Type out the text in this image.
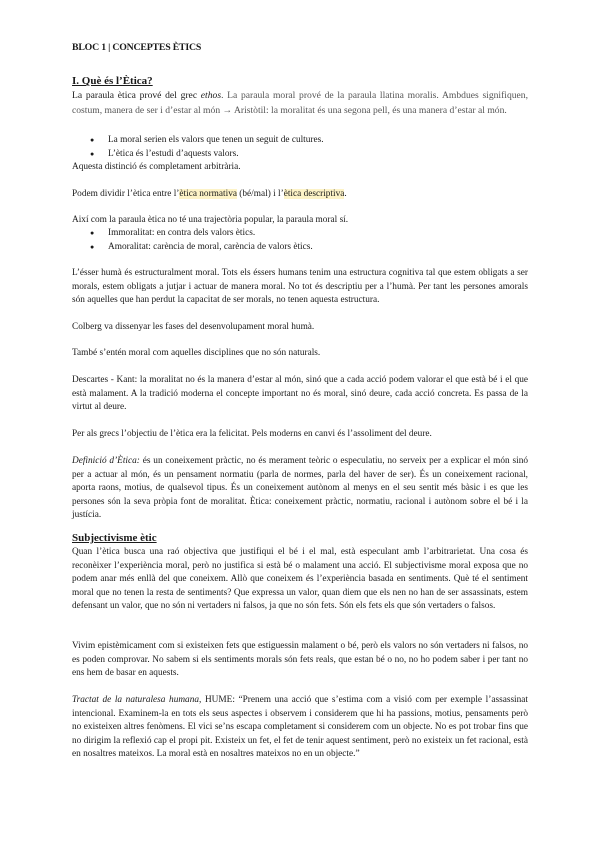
BLOC 1 | CONCEPTES ÈTICS

I. Què és l’Ètica?

La paraula ètica prové del grec ethos. La paraula moral prové de la paraula llatina moralis. Ambdues signifiquen, costum, manera de ser i d’estar al món → Aristòtil: la moralitat és una segona pell, és una manera d’estar al món.

● La moral serien els valors que tenen un seguit de cultures.
● L’ètica és l’estudi d’aquests valors.

Aquesta distinció és completament arbitrària.

Podem dividir l’ètica entre l’ètica normativa (bé/mal) i l’ètica descriptiva.

Així com la paraula ètica no té una trajectòria popular, la paraula moral sí.

● Immoralitat: en contra dels valors ètics.
● Amoralitat: carència de moral, carència de valors ètics.

L’ésser humà és estructuralment moral. Tots els éssers humans tenim una estructura cognitiva tal que estem obligats a ser morals, estem obligats a jutjar i actuar de manera moral. No tot és descriptiu per a l’humà. Per tant les persones amorals són aquelles que han perdut la capacitat de ser morals, no tenen aquesta estructura.

Colberg va dissenyar les fases del desenvolupament moral humà.

També s’entén moral com aquelles disciplines que no són naturals.

Descartes - Kant: la moralitat no és la manera d’estar al món, sinó que a cada acció podem valorar el que està bé i el que està malament. A la tradició moderna el concepte important no és moral, sinó deure, cada acció concreta. Es passa de la virtut al deure.

Per als grecs l’objectiu de l’ètica era la felicitat. Pels moderns en canvi és l’assoliment del deure.

Definició d’Ètica: és un coneixement pràctic, no és merament teòric o especulatiu, no serveix per a explicar el món sinó per a actuar al món, és un pensament normatiu (parla de normes, parla del haver de ser). És un coneixement racional, aporta raons, motius, de qualsevol tipus. És un coneixement autònom al menys en el seu sentit més bàsic i es que les persones són la seva pròpia font de moralitat. Ètica: coneixement pràctic, normatiu, racional i autònom sobre el bé i la justícia.

Subjectivisme ètic

Quan l’ètica busca una raó objectiva que justifiqui el bé i el mal, està especulant amb l’arbitrarietat. Una cosa és reconèixer l’experiència moral, però no justifica si està bé o malament una acció. El subjectivisme moral exposa que no podem anar més enllà del que coneixem. Allò que coneixem és l’experiència basada en sentiments. Què té el sentiment moral que no tenen la resta de sentiments? Que expressa un valor, quan diem que els nen no han de ser assassinats, estem defensant un valor, que no són ni vertaders ni falsos, ja que no són fets. Són els fets els que són vertaders o falsos.

Vivim epistèmicament com si existeixen fets que estiguessin malament o bé, però els valors no són vertaders ni falsos, no es poden comprovar. No sabem si els sentiments morals són fets reals, que estan bé o no, no ho podem saber i per tant no ens hem de basar en aquests.

Tractat de la naturalesa humana, HUME: “Prenem una acció que s’estima com a visió com per exemple l’assassinat intencional. Examinem-la en tots els seus aspectes i observem i considerem que hi ha passions, motius, pensaments però no existeixen altres fenòmens. El vici se’ns escapa completament si considerem com un objecte. No es pot trobar fins que no dirigim la reflexió cap el propi pit. Existeix un fet, el fet de tenir aquest sentiment, però no existeix un fet racional, està en nosaltres mateixos. La moral està en nosaltres mateixos no en un objecte.”
